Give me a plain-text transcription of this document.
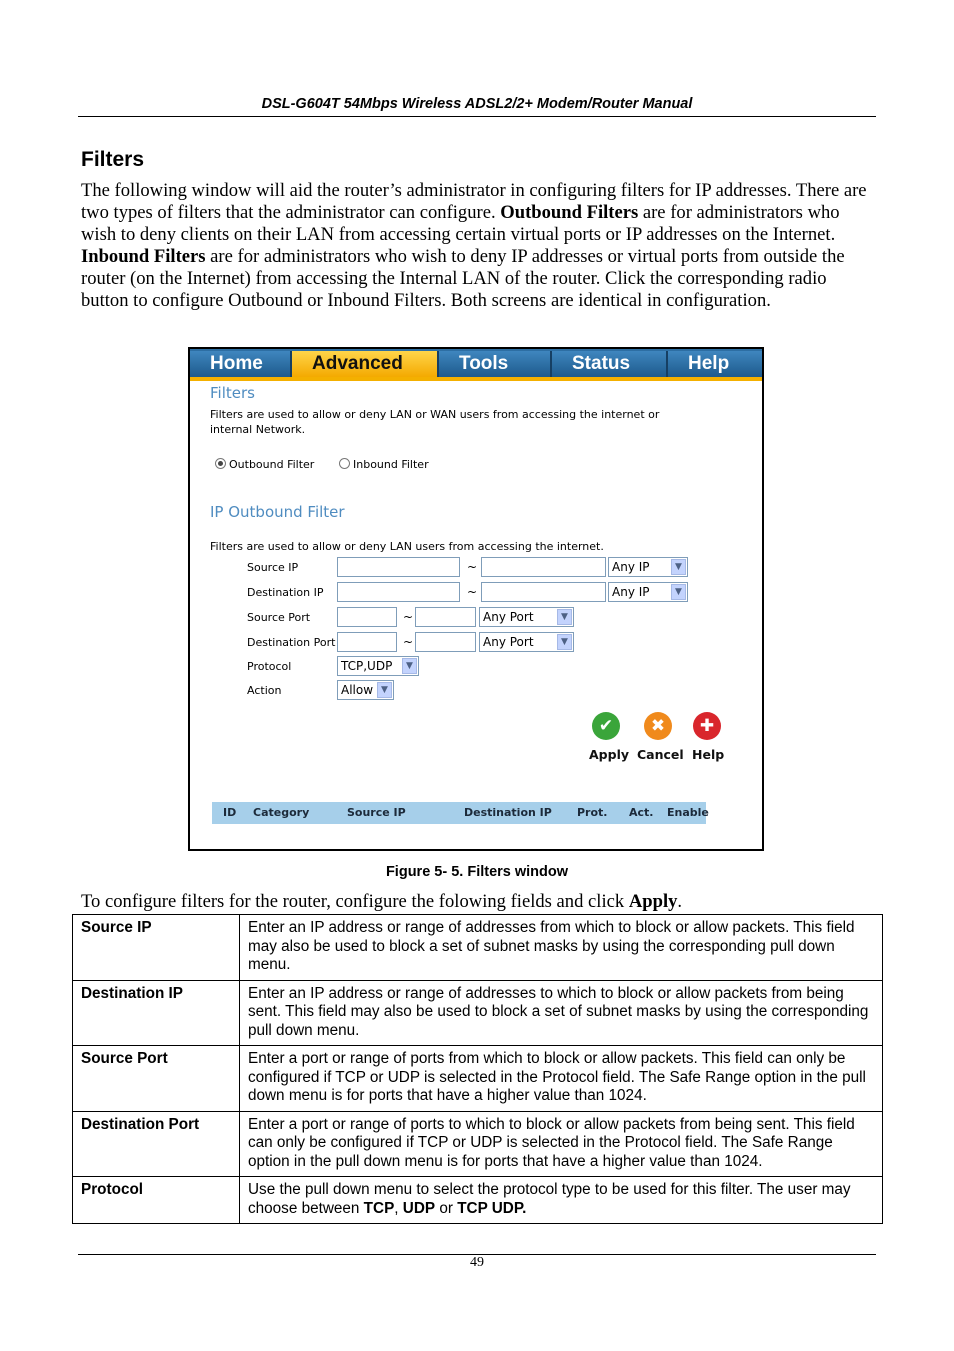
DSL-G604T 54Mbps Wireless ADSL2/2+ Modem/Router Manual
Filters
The following window will aid the router’s administrator in configuring filters for IP addresses. There are two types of filters that the administrator can configure. Outbound Filters are for administrators who wish to deny clients on their LAN from accessing certain virtual ports or IP addresses on the Internet. Inbound Filters are for administrators who wish to deny IP addresses or virtual ports from outside the router (on the Internet) from accessing the Internal LAN of the router. Click the corresponding radio button to configure Outbound or Inbound Filters. Both screens are identical in configuration.
Home	Advanced	Tools	Status	Help
Filters
Filters are used to allow or deny LAN or WAN users from accessing the internet or internal Network.
Outbound Filter	Inbound Filter
IP Outbound Filter
Filters are used to allow or deny LAN users from accessing the internet.
Source IP	~	Any IP	▼
Destination IP	~	Any IP	▼
Source Port	~	Any Port	▼
Destination Port	~	Any Port	▼
Protocol	TCP,UDP	▼
Action	Allow ▼
✔
Apply
✖
Cancel
✚
Help
ID Category	Source IP	Destination IP Prot. Act. Enable
Figure 5- 5. Filters window
To configure filters for the router, configure the folowing fields and click Apply.
Source IP	Enter an IP address or range of addresses from which to block or allow packets. This field may also be used to block a set of subnet masks by using the corresponding pull down menu.
Destination IP	Enter an IP address or range of addresses to which to block or allow packets from being sent. This field may also be used to block a set of subnet masks by using the corresponding pull down menu.
Source Port	Enter a port or range of ports from which to block or allow packets. This field can only be configured if TCP or UDP is selected in the Protocol field. The Safe Range option in the pull down menu is for ports that have a higher value than 1024.
Destination Port	Enter a port or range of ports to which to block or allow packets from being sent. This field can only be configured if TCP or UDP is selected in the Protocol field. The Safe Range option in the pull down menu is for ports that have a higher value than 1024.
Protocol	Use the pull down menu to select the protocol type to be used for this filter. The user may choose between TCP, UDP or TCP UDP.
49
